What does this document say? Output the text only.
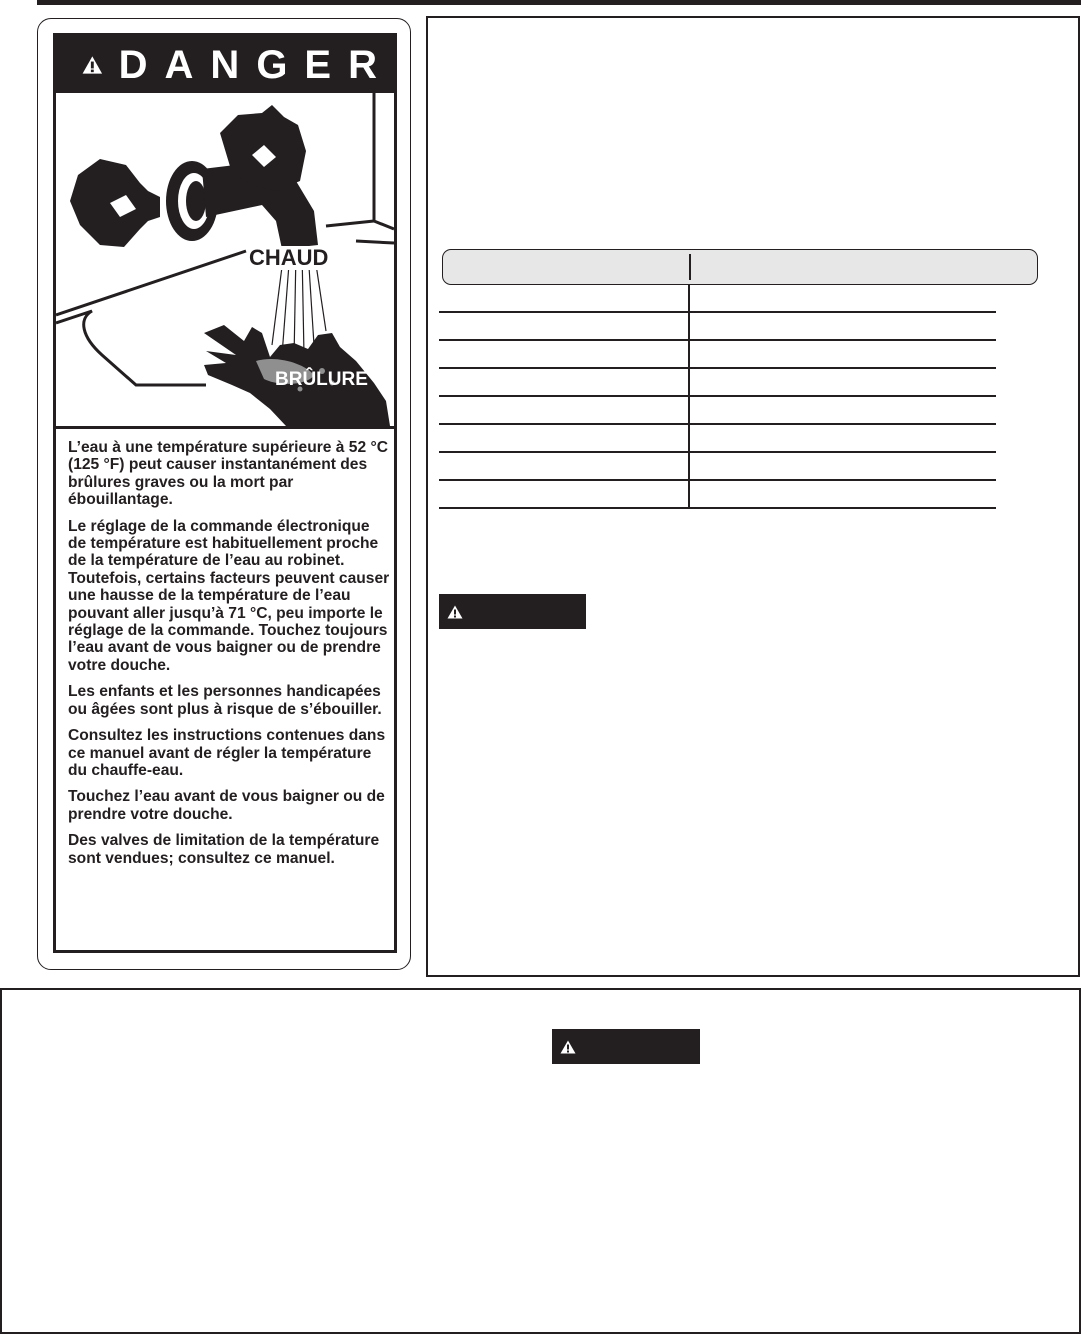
DANGER
CHAUD
BRÛLURE

L’eau à une température supérieure à 52 °C (125 °F) peut causer instantanément des brûlures graves ou la mort par ébouillantage.

Le réglage de la commande électronique de température est habituellement proche de la température de l’eau au robinet. Toutefois, certains facteurs peuvent causer une hausse de la température de l’eau pouvant aller jusqu’à 71 °C, peu importe le réglage de la commande. Touchez toujours l’eau avant de vous baigner ou de prendre votre douche.

Les enfants et les personnes handicapées ou âgées sont plus à risque de s’ébouiller.

Consultez les instructions contenues dans ce manuel avant de régler la température du chauffe-eau.

Touchez l’eau avant de vous baigner ou de prendre votre douche.

Des valves de limitation de la température sont vendues; consultez ce manuel.
